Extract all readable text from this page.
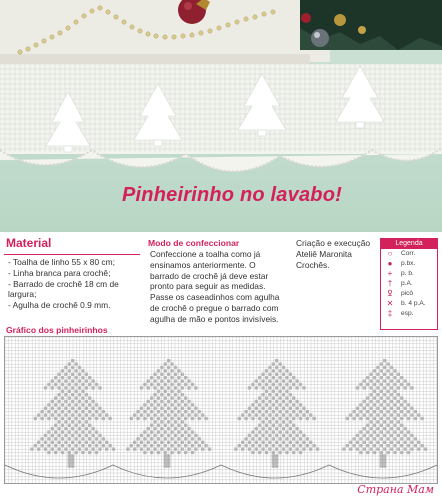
Pinheirinho no lavabo!
Material
- Toalha de linho 55 x 80 cm;
- Linha branca para crochê;
- Barrado de crochê 18 cm de
largura;
- Agulha de crochê 0.9 mm.
Modo de confeccionar
Confeccione a toalha como já ensinamos anteriormente. O barrado de crochê já deve estar pronto para seguir as medidas. Passe os caseadinhos com agulha de crochê o pregue o barrado com agulha de mão e pontos invisíveis.
Criação e execução Ateliê Maronita Crochês.
Legenda
○	Corr.
●	p.bx.
+	p. b.
†	p.A.
ꝿ	picô
✕ b. 4 p.A.
‡	esp.
Gráfico dos pinheirinhos
Страна Мам
